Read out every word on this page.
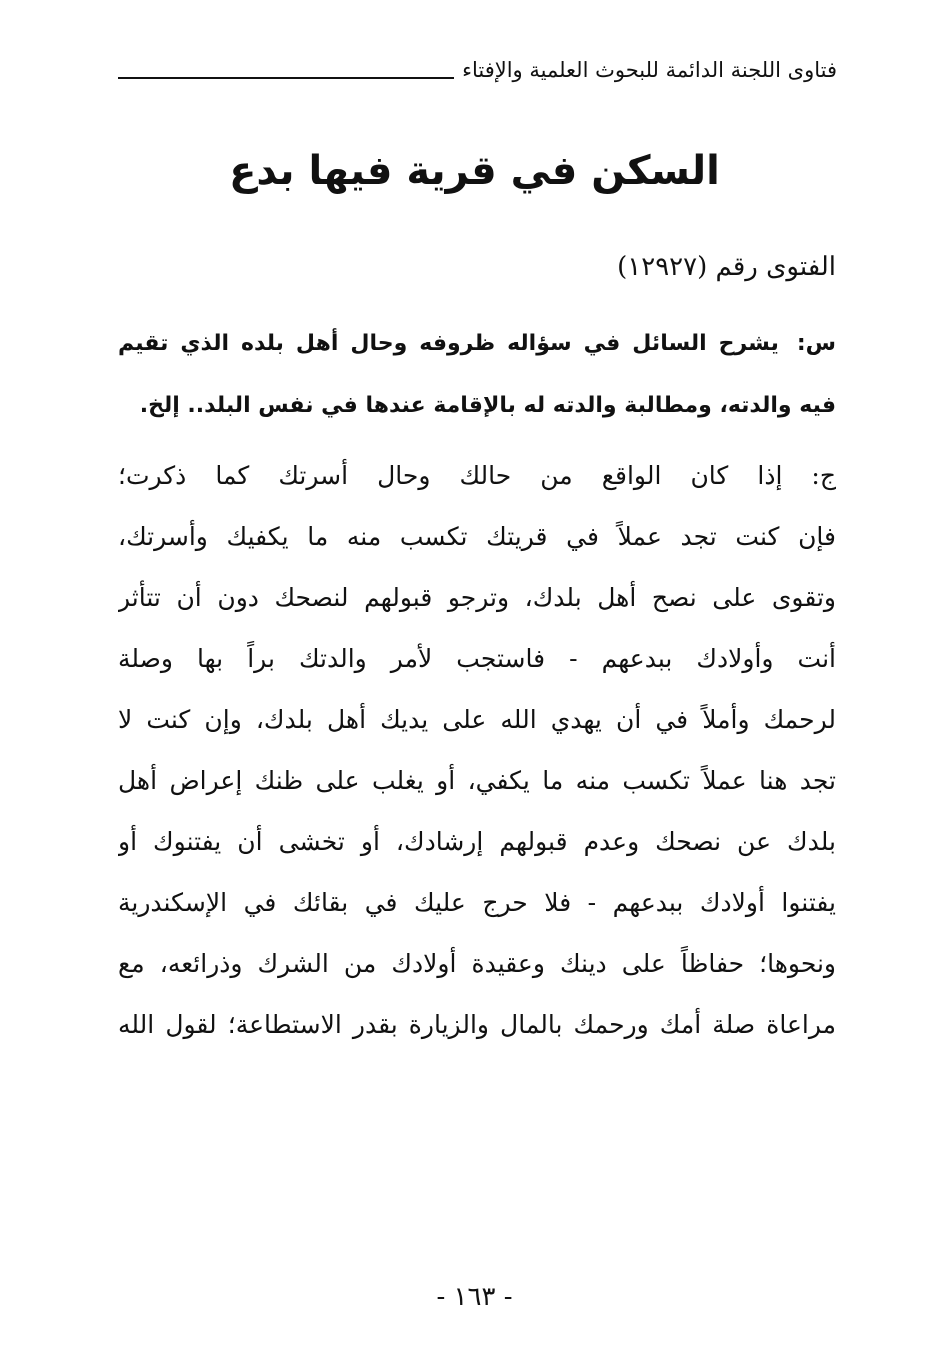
فتاوى اللجنة الدائمة للبحوث العلمية والإفتاء
السكن في قرية فيها بدع
الفتوى رقم (١٢٩٢٧)
س: يشرح السائل في سؤاله ظروفه وحال أهل بلده الذي تقيم
فيه والدته، ومطالبة والدته له بالإقامة عندها في نفس البلد.. إلخ.
ج: إذا كان الواقع من حالك وحال أسرتك كما ذكرت؛
فإن كنت تجد عملاً في قريتك تكسب منه ما يكفيك وأسرتك،
وتقوى على نصح أهل بلدك، وترجو قبولهم لنصحك دون أن تتأثر
أنت وأولادك ببدعهم - فاستجب لأمر والدتك براً بها وصلة
لرحمك وأملاً في أن يهدي الله على يديك أهل بلدك، وإن كنت لا
تجد هنا عملاً تكسب منه ما يكفي، أو يغلب على ظنك إعراض أهل
بلدك عن نصحك وعدم قبولهم إرشادك، أو تخشى أن يفتنوك أو
يفتنوا أولادك ببدعهم - فلا حرج عليك في بقائك في الإسكندرية
ونحوها؛ حفاظاً على دينك وعقيدة أولادك من الشرك وذرائعه، مع
مراعاة صلة أمك ورحمك بالمال والزيارة بقدر الاستطاعة؛ لقول الله
- ١٦٣ -
